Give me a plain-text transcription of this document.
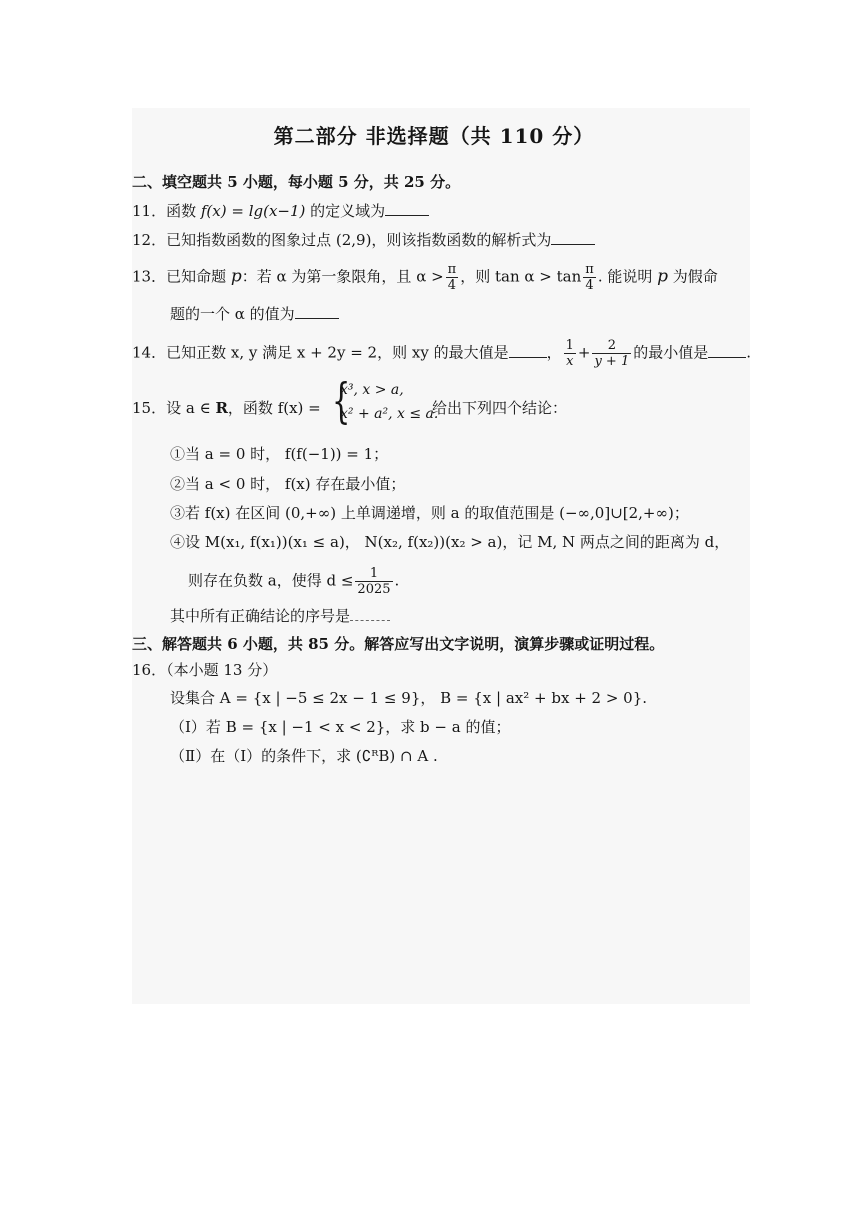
第二部分 非选择题（共 110 分）
二、填空题共 5 小题，每小题 5 分，共 25 分。
11．函数 f(x) = lg(x−1) 的定义域为
12．已知指数函数的图象过点 (2,9)，则该指数函数的解析式为
13．已知命题 p：若 α 为第一象限角，且 $\alpha > \frac{\pi}{4}$ ，则 $\tan \alpha > \tan \frac{\pi}{4}$ . 能说明 p 为假命
题的一个 α 的值为
14．已知正数 x, y 满足 x + 2y = 2，则 xy 的最大值是	， $\frac{1}{x} + \frac{2}{y + 1}$ 的最小值是	.
15．设 a ∈ R，函数 f(x) = {
x³, x > a,
x² + a², x ≤ a.
给出下列四个结论：
①当 a = 0 时， f(f(−1)) = 1；
②当 a < 0 时， f(x) 存在最小值；
③若 f(x) 在区间 (0,+∞) 上单调递增，则 a 的取值范围是 (−∞,0]∪[2,+∞)；
④设 M(x₁, f(x₁))(x₁ ≤ a)， N(x₂, f(x₂))(x₂ > a)，记 M, N 两点之间的距离为 d，
则存在负数 a，使得 $d \le \frac{1}{2025}$ .
其中所有正确结论的序号是
三、解答题共 6 小题，共 85 分。解答应写出文字说明，演算步骤或证明过程。
16．（本小题 13 分）
设集合 A = {x | −5 ≤ 2x − 1 ≤ 9}， B = {x | ax² + bx + 2 > 0}.
（Ⅰ）若 B = {x | −1 < x < 2}，求 b − a 的值；
（Ⅱ）在（Ⅰ）的条件下，求 (∁ᴿB) ∩ A .
